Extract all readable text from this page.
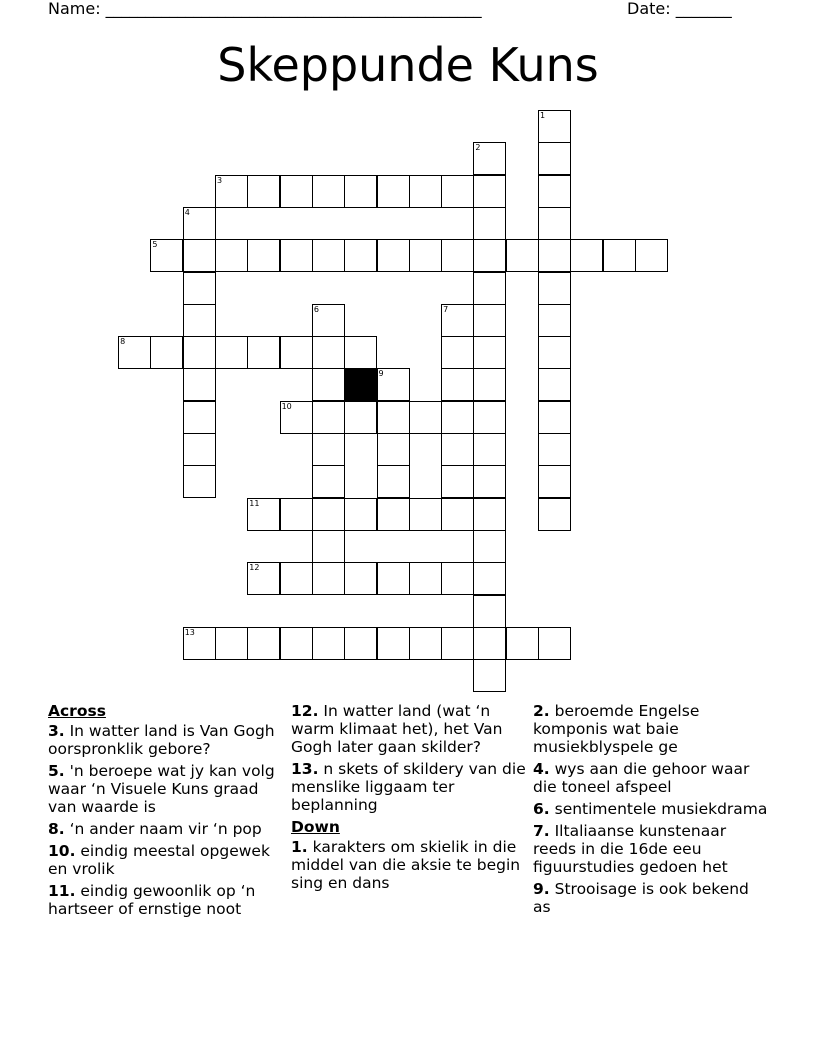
Name: _______________________________________________	Date: _______
Skeppunde Kuns
1
2
3
4
5
6	7
8
9
10
11
12
13
Across
3. In watter land is Van Gogh oorspronklik gebore?
5. 'n beroepe wat jy kan volg waar ‘n Visuele Kuns graad van waarde is
8. ‘n ander naam vir ‘n pop
10. eindig meestal opgewek en vrolik
11. eindig gewoonlik op ‘n hartseer of ernstige noot
12. In watter land (wat ‘n warm klimaat het), het Van Gogh later gaan skilder?
13. n skets of skildery van die menslike liggaam ter beplanning
Down
1. karakters om skielik in die middel van die aksie te begin sing en dans
2. beroemde Engelse komponis wat baie musiekblyspele ge
4. wys aan die gehoor waar die toneel afspeel
6. sentimentele musiekdrama
7. Iltaliaanse kunstenaar reeds in die 16de eeu figuurstudies gedoen het
9. Strooisage is ook bekend as
